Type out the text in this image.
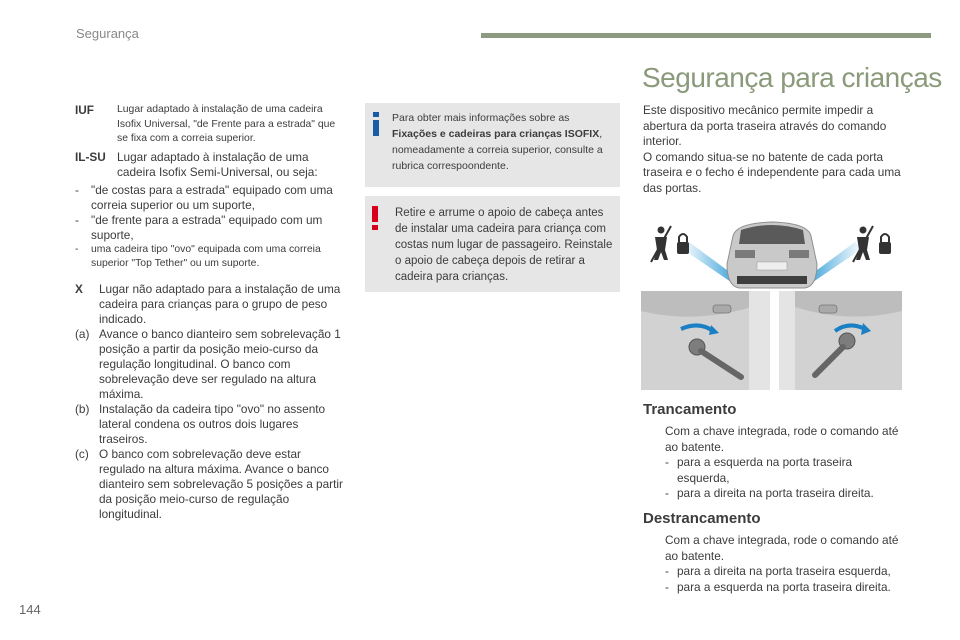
Segurança
IUF	Lugar adaptado à instalação de uma cadeira Isofix Universal, "de Frente para a estrada" que se fixa com a correia superior.
IL-SU Lugar adaptado à instalação de uma cadeira Isofix Semi-Universal, ou seja:
-	"de costas para a estrada" equipado com uma correia superior ou um suporte,
-	"de frente para a estrada" equipado com um suporte,
-	uma cadeira tipo "ovo" equipada com uma correia superior "Top Tether" ou um suporte.
X	Lugar não adaptado para a instalação de uma cadeira para crianças para o grupo de peso indicado.
(a) Avance o banco dianteiro sem sobrelevação 1 posição a partir da posição meio-curso da regulação longitudinal. O banco com sobrelevação deve ser regulado na altura máxima.
(b) Instalação da cadeira tipo "ovo" no assento lateral condena os outros dois lugares traseiros.
(c) O banco com sobrelevação deve estar regulado na altura máxima. Avance o banco dianteiro sem sobrelevação 5 posições a partir da posição meio-curso de regulação longitudinal.
Para obter mais informações sobre as Fixações e cadeiras para crianças ISOFIX, nomeadamente a correia superior, consulte a rubrica correspoondente.
Retire e arrume o apoio de cabeça antes de instalar uma cadeira para criança com costas num lugar de passageiro. Reinstale o apoio de cabeça depois de retirar a cadeira para crianças.
Segurança para crianças
Este dispositivo mecânico permite impedir a abertura da porta traseira através do comando interior.
O comando situa-se no batente de cada porta traseira e o fecho é independente para cada uma das portas.
Trancamento
Com a chave integrada, rode o comando até ao batente.
- para a esquerda na porta traseira esquerda,
- para a direita na porta traseira direita.
Destrancamento
Com a chave integrada, rode o comando até ao batente.
- para a direita na porta traseira esquerda,
- para a esquerda na porta traseira direita.
144
